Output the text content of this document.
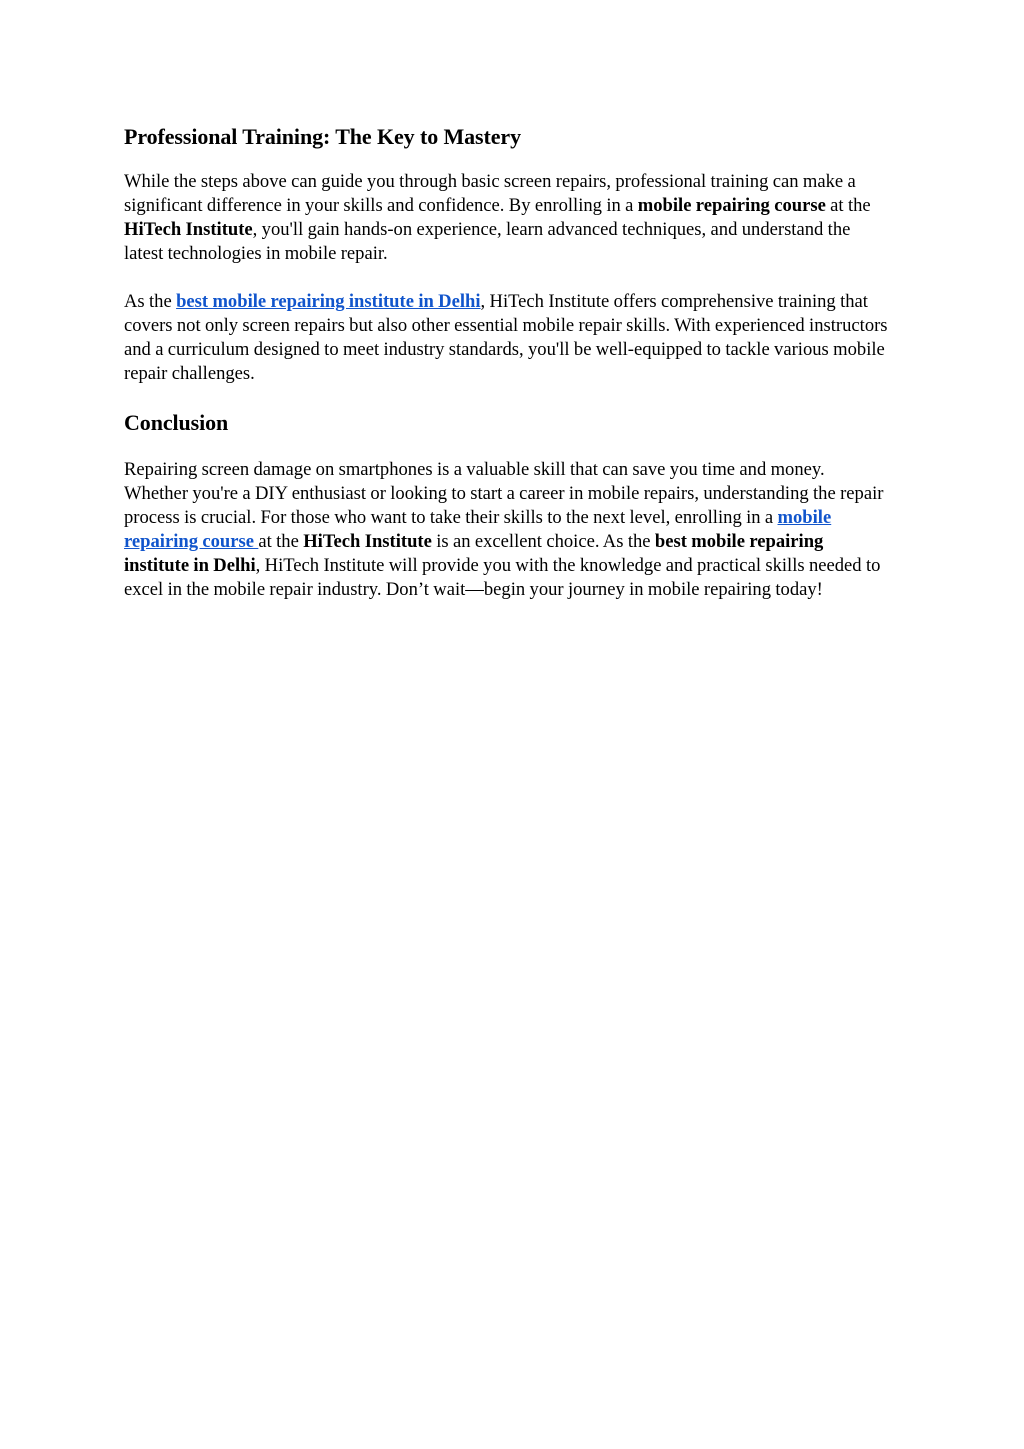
Professional Training: The Key to Mastery

While the steps above can guide you through basic screen repairs, professional training can make a significant difference in your skills and confidence. By enrolling in a mobile repairing course at the HiTech Institute, you'll gain hands-on experience, learn advanced techniques, and understand the latest technologies in mobile repair.

As the best mobile repairing institute in Delhi, HiTech Institute offers comprehensive training that covers not only screen repairs but also other essential mobile repair skills. With experienced instructors and a curriculum designed to meet industry standards, you'll be well-equipped to tackle various mobile repair challenges.

Conclusion

Repairing screen damage on smartphones is a valuable skill that can save you time and money. Whether you're a DIY enthusiast or looking to start a career in mobile repairs, understanding the repair process is crucial. For those who want to take their skills to the next level, enrolling in a mobile repairing course at the HiTech Institute is an excellent choice. As the best mobile repairing institute in Delhi, HiTech Institute will provide you with the knowledge and practical skills needed to excel in the mobile repair industry. Don’t wait—begin your journey in mobile repairing today!
